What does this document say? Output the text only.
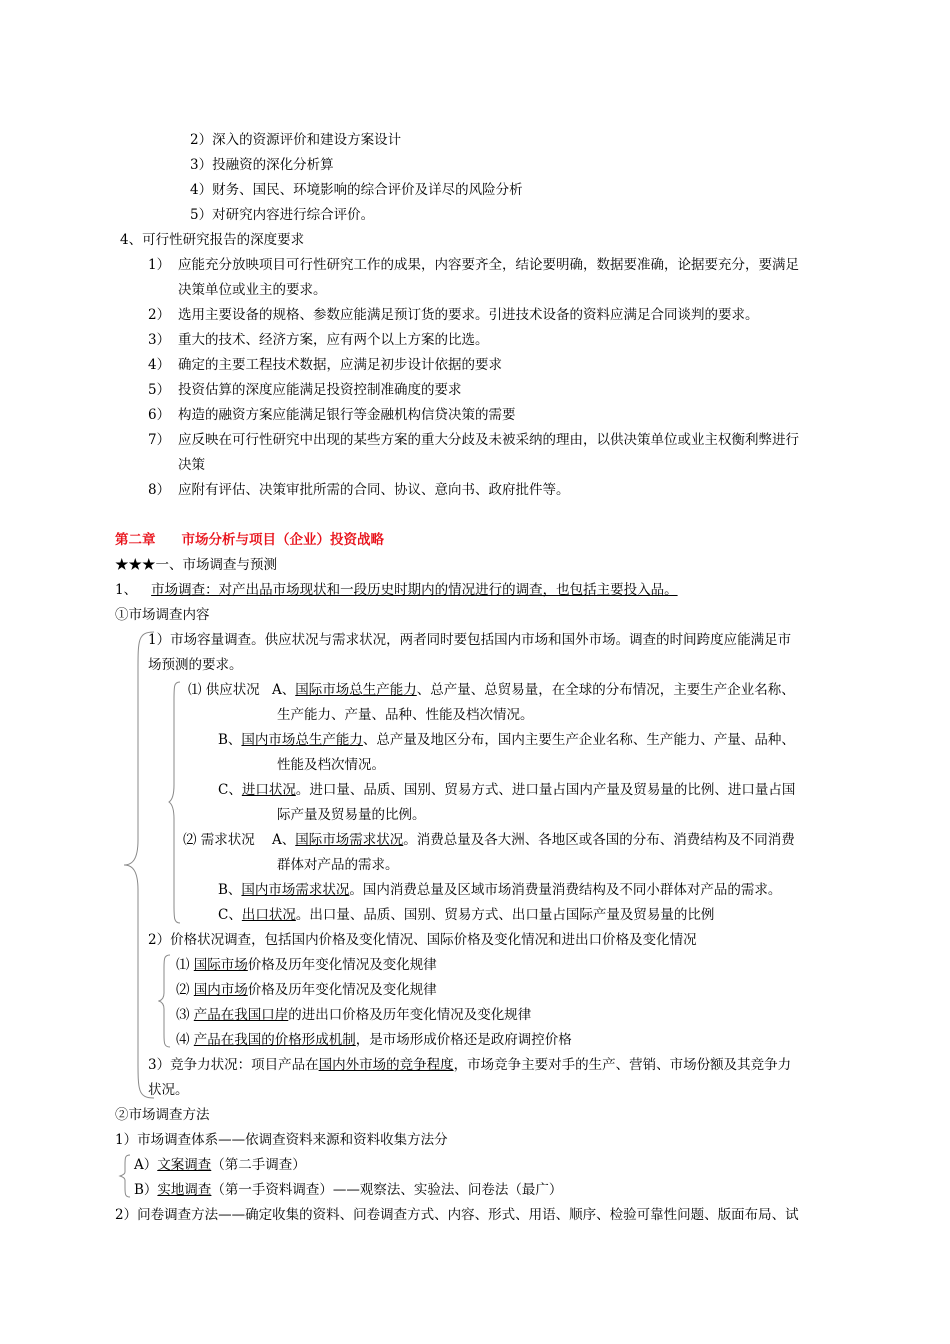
2）深入的资源评价和建设方案设计
3）投融资的深化分析算
4）财务、国民、环境影响的综合评价及详尽的风险分析
5）对研究内容进行综合评价。
4、可行性研究报告的深度要求
1） 应能充分放映项目可行性研究工作的成果，内容要齐全，结论要明确，数据要准确，论据要充分，要满足
决策单位或业主的要求。
2） 选用主要设备的规格、参数应能满足预订货的要求。引进技术设备的资料应满足合同谈判的要求。
3） 重大的技术、经济方案，应有两个以上方案的比选。
4） 确定的主要工程技术数据，应满足初步设计依据的要求
5） 投资估算的深度应能满足投资控制准确度的要求
6） 构造的融资方案应能满足银行等金融机构信贷决策的需要
7） 应反映在可行性研究中出现的某些方案的重大分歧及未被采纳的理由，以供决策单位或业主权衡利弊进行
决策
8） 应附有评估、决策审批所需的合同、协议、意向书、政府批件等。
第二章 市场分析与项目（企业）投资战略
★★★一、市场调查与预测
1、 市场调查：对产出品市场现状和一段历史时期内的情况进行的调查，也包括主要投入品。
①市场调查内容
1）市场容量调查。供应状况与需求状况，两者同时要包括国内市场和国外市场。调查的时间跨度应能满足市
场预测的要求。
⑴ 供应状况 A、国际市场总生产能力、总产量、总贸易量，在全球的分布情况，主要生产企业名称、
生产能力、产量、品种、性能及档次情况。
B、国内市场总生产能力、总产量及地区分布，国内主要生产企业名称、生产能力、产量、品种、
性能及档次情况。
C、进口状况。进口量、品质、国别、贸易方式、进口量占国内产量及贸易量的比例、进口量占国
际产量及贸易量的比例。
⑵ 需求状况 A、国际市场需求状况。消费总量及各大洲、各地区或各国的分布、消费结构及不同消费
群体对产品的需求。
B、国内市场需求状况。国内消费总量及区域市场消费量消费结构及不同小群体对产品的需求。
C、出口状况。出口量、品质、国别、贸易方式、出口量占国际产量及贸易量的比例
2）价格状况调查，包括国内价格及变化情况、国际价格及变化情况和进出口价格及变化情况
⑴ 国际市场价格及历年变化情况及变化规律
⑵ 国内市场价格及历年变化情况及变化规律
⑶ 产品在我国口岸的进出口价格及历年变化情况及变化规律
⑷ 产品在我国的价格形成机制，是市场形成价格还是政府调控价格
3）竞争力状况：项目产品在国内外市场的竞争程度，市场竞争主要对手的生产、营销、市场份额及其竞争力
状况。
②市场调查方法
1）市场调查体系——依调查资料来源和资料收集方法分
A）文案调查（第二手调查）
B）实地调查（第一手资料调查）——观察法、实验法、问卷法（最广）
2）问卷调查方法——确定收集的资料、问卷调查方式、内容、形式、用语、顺序、检验可靠性问题、版面布局、试
